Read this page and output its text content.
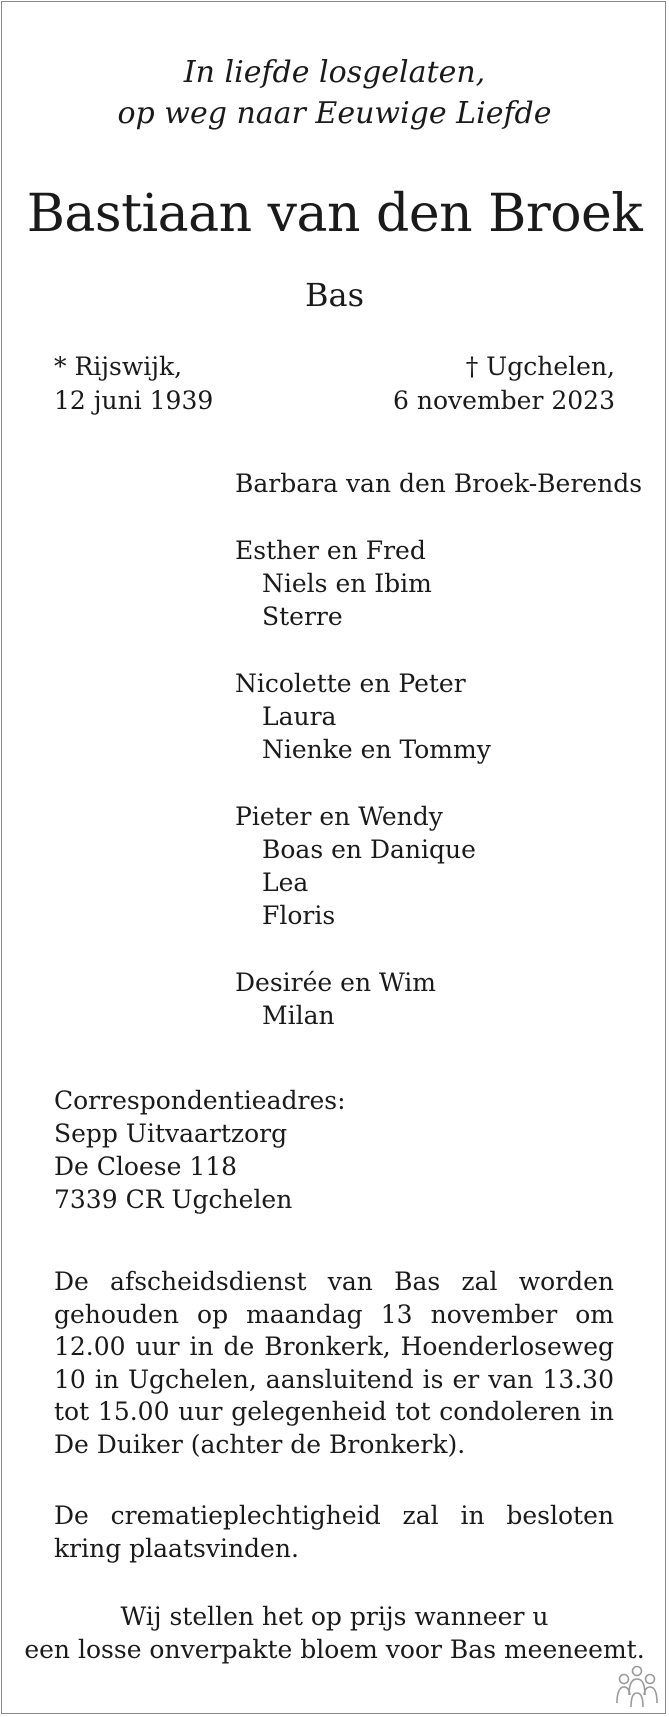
In liefde losgelaten,
op weg naar Eeuwige Liefde
Bastiaan van den Broek
Bas
* Rijswijk,
12 juni 1939
† Ugchelen,
6 november 2023
Barbara van den Broek-Berends
Esther en Fred
Niels en Ibim
Sterre
Nicolette en Peter
Laura
Nienke en Tommy
Pieter en Wendy
Boas en Danique
Lea
Floris
Desirée en Wim
Milan
Correspondentieadres:
Sepp Uitvaartzorg
De Cloese 118
7339 CR Ugchelen
De afscheidsdienst van Bas zal worden gehouden op maandag 13 november om 12.00 uur in de Bronkerk, Hoenderloseweg 10 in Ugchelen, aansluitend is er van 13.30 tot 15.00 uur gelegenheid tot condoleren in De Duiker (achter de Bronkerk).
De crematieplechtigheid zal in besloten kring plaatsvinden.
Wij stellen het op prijs wanneer u
een losse onverpakte bloem voor Bas meeneemt.
